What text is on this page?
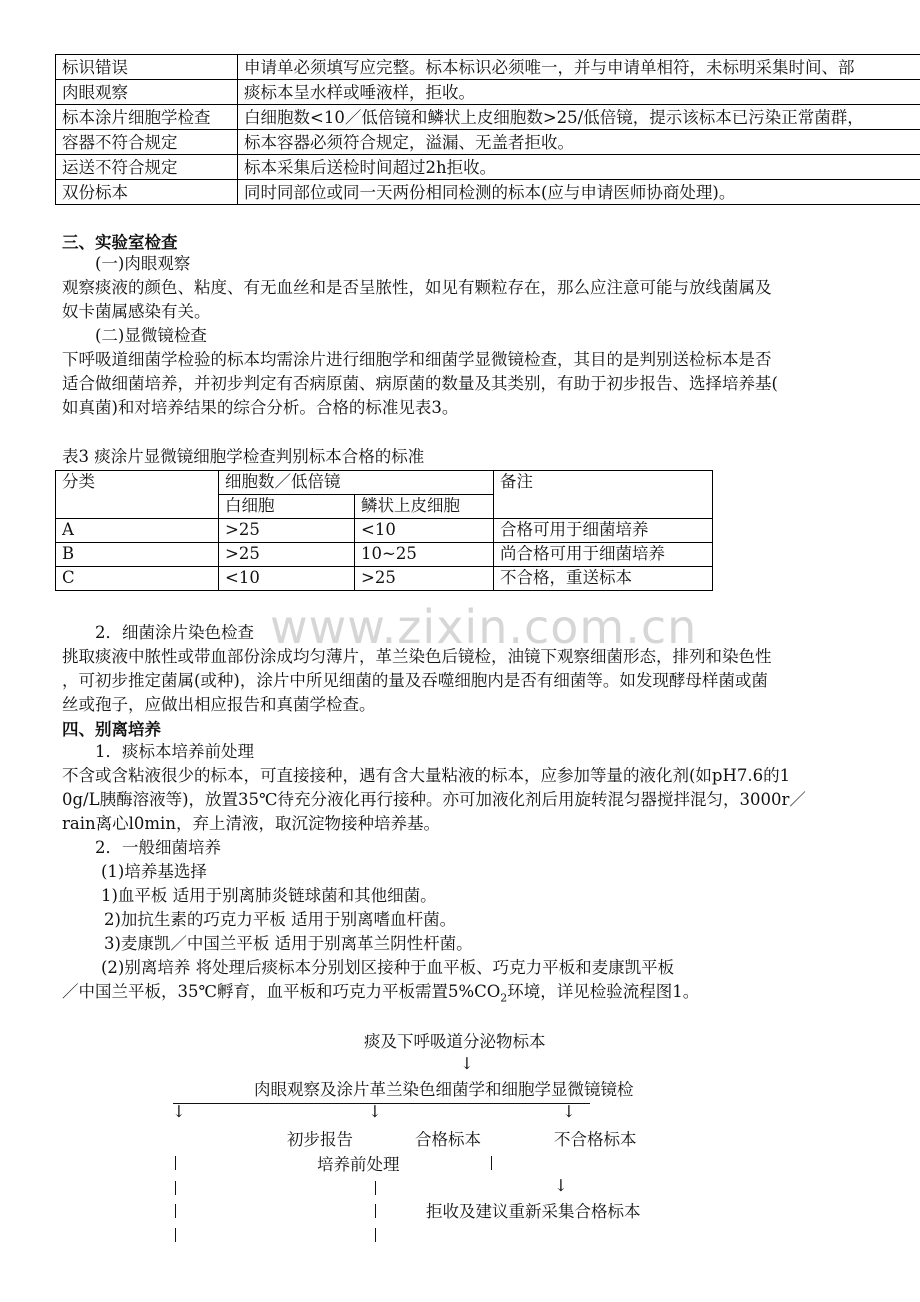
www.zixin.com.cn
标识错误	申请单必须填写应完整。标本标识必须唯一，并与申请单相符，未标明采集时间、部
肉眼观察	痰标本呈水样或唾液样，拒收。
标本涂片细胞学检查	白细胞数<10／低倍镜和鳞状上皮细胞数>25/低倍镜，提示该标本已污染正常菌群，
容器不符合规定	标本容器必须符合规定，溢漏、无盖者拒收。
运送不符合规定	标本采集后送检时间超过2h拒收。
双份标本	同时同部位或同一天两份相同检测的标本(应与申请医师协商处理)。
三、实验室检查
(一)肉眼观察
观察痰液的颜色、粘度、有无血丝和是否呈脓性，如见有颗粒存在，那么应注意可能与放线菌属及
奴卡菌属感染有关。
(二)显微镜检查
下呼吸道细菌学检验的标本均需涂片进行细胞学和细菌学显微镜检查，其目的是判别送检标本是否
适合做细菌培养，并初步判定有否病原菌、病原菌的数量及其类别，有助于初步报告、选择培养基(
如真菌)和对培养结果的综合分析。合格的标准见表3。
表3 痰涂片显微镜细胞学检查判别标本合格的标准
分类	细胞数／低倍镜		备注
	白细胞	鳞状上皮细胞	
A	>25	<10	合格可用于细菌培养
B	>25	10~25	尚合格可用于细菌培养
C	<10	>25	不合格，重送标本
2．细菌涂片染色检查
挑取痰液中脓性或带血部份涂成均匀薄片，革兰染色后镜检，油镜下观察细菌形态，排列和染色性
，可初步推定菌属(或种)，涂片中所见细菌的量及吞噬细胞内是否有细菌等。如发现酵母样菌或菌
丝或孢子，应做出相应报告和真菌学检查。
四、别离培养
1．痰标本培养前处理
不含或含粘液很少的标本，可直接接种，遇有含大量粘液的标本，应参加等量的液化剂(如pH7.6的1
0g/L胰酶溶液等)，放置35℃待充分液化再行接种。亦可加液化剂后用旋转混匀器搅拌混匀，3000r／
rain离心l0min，弃上清液，取沉淀物接种培养基。
2．一般细菌培养
(1)培养基选择
1)血平板 适用于别离肺炎链球菌和其他细菌。
2)加抗生素的巧克力平板 适用于别离嗜血杆菌。
3)麦康凯／中国兰平板 适用于别离革兰阴性杆菌。
(2)别离培养 将处理后痰标本分别划区接种于血平板、巧克力平板和麦康凯平板
／中国兰平板，35℃孵育，血平板和巧克力平板需置$5\%CO_2$环境，详见检验流程图1。
痰及下呼吸道分泌物标本
↓
肉眼观察及涂片革兰染色细菌学和细胞学显微镜镜检
↓	↓	↓
初步报告	合格标本	不合格标本
培养前处理
↓
拒收及建议重新采集合格标本
